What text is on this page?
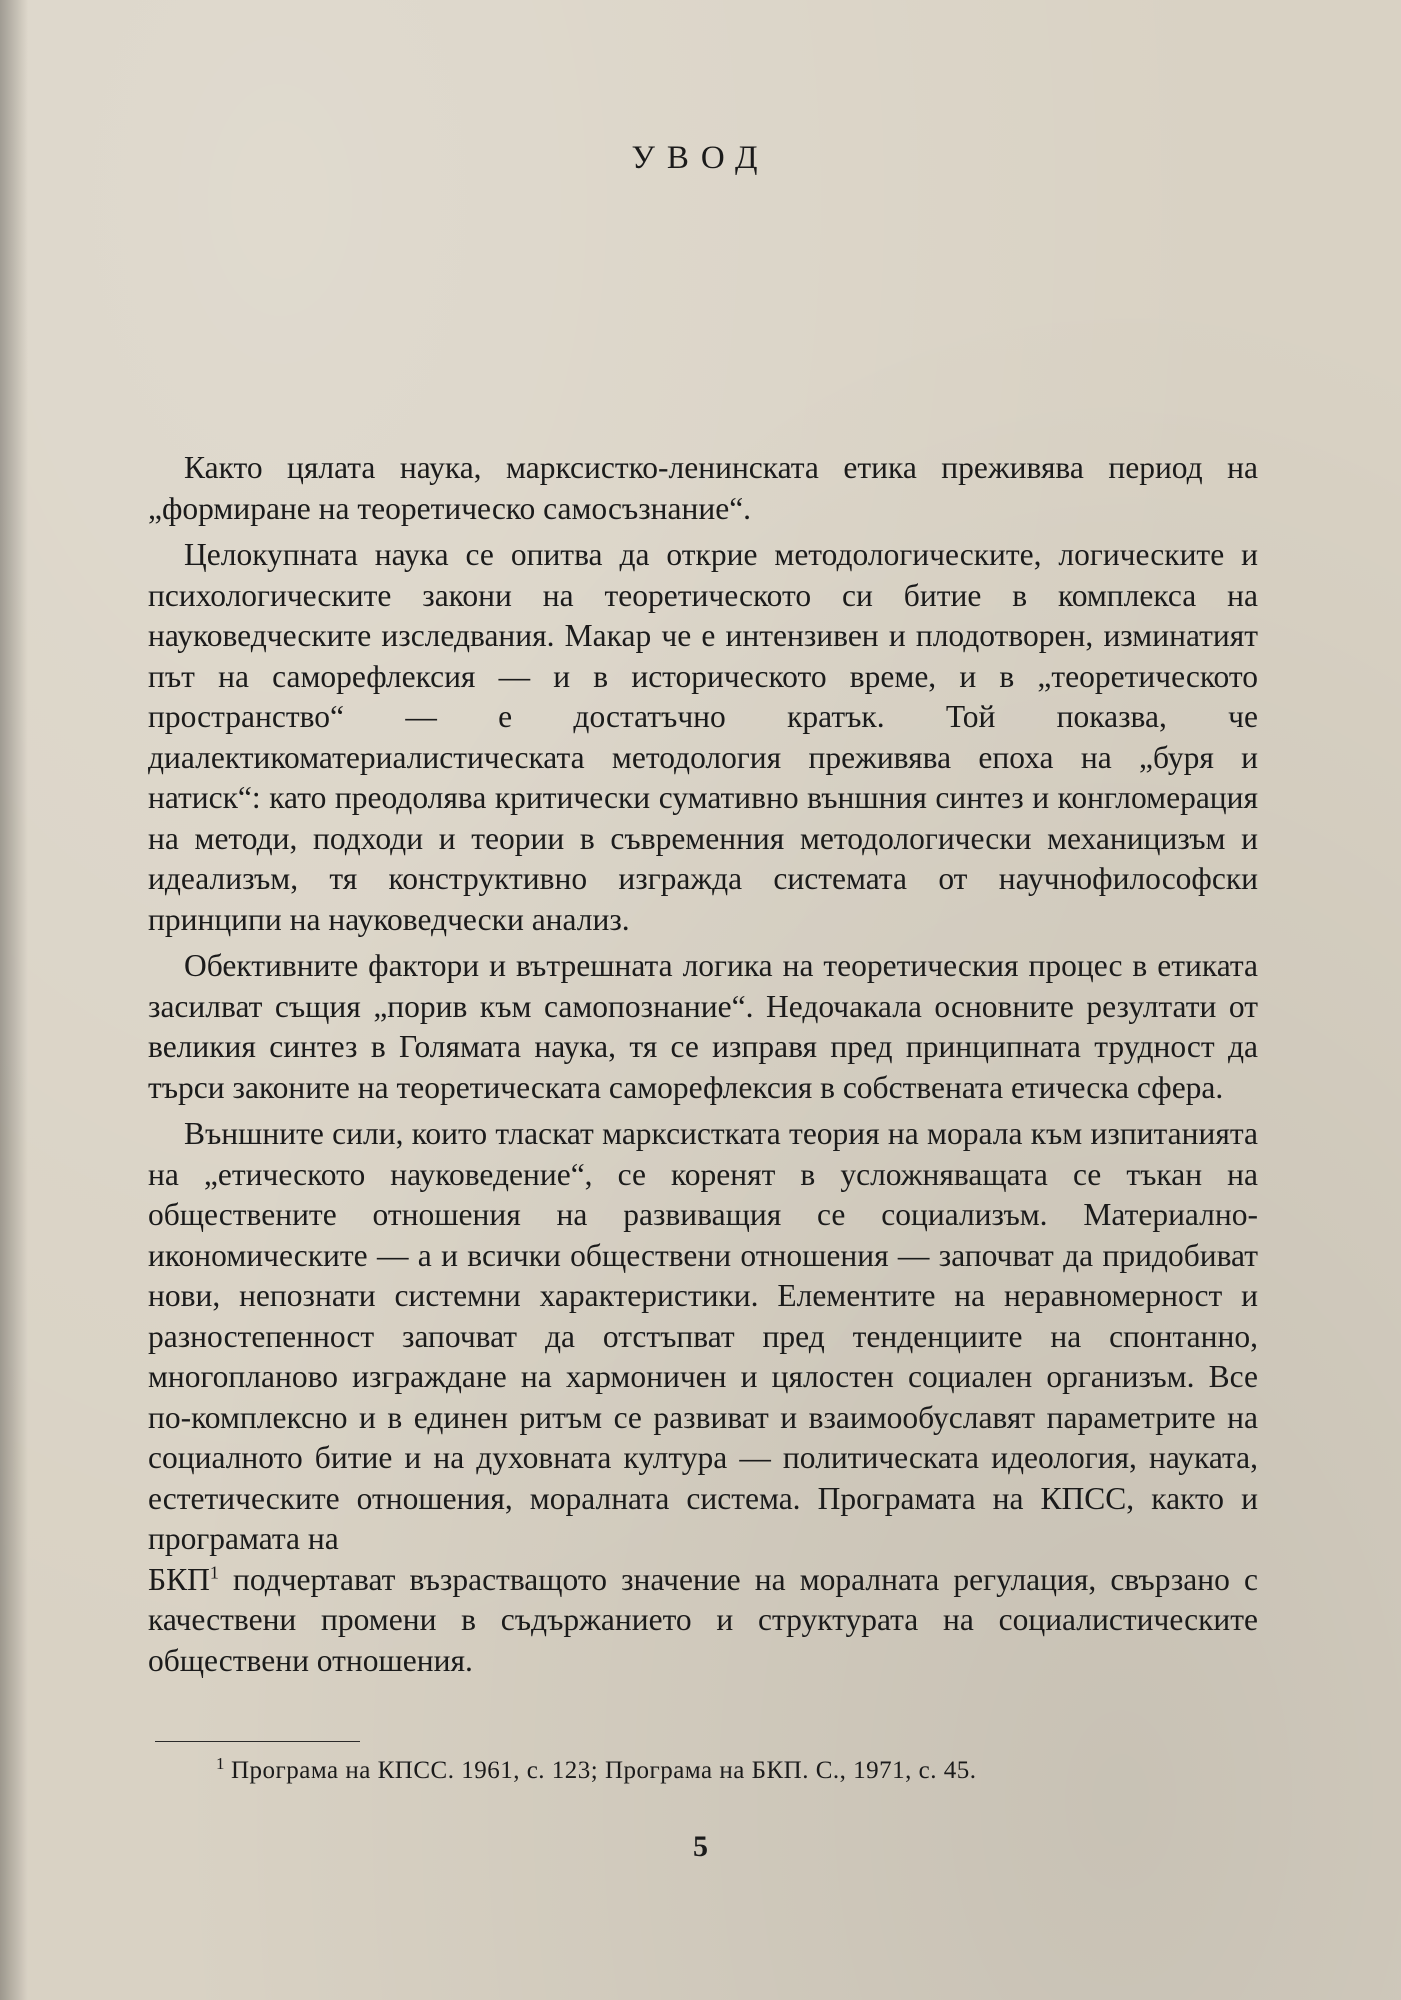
УВОД

Както цялата наука, марксистко-ленинската етика преживява период на „формиране на теоретическо самосъзнание“.

Целокупната наука се опитва да открие методологическите, логическите и психологическите закони на теоретическото си битие в комплекса на науковедческите изследвания. Макар че е интензивен и плодотворен, изминатият път на саморефлексия — и в историческото време, и в „теоретическото пространство“ — е достатъчно кратък. Той показва, че диалектикоматериалистическата методология преживява епоха на „буря и натиск“: като преодолява критически сумативно външния синтез и конгломерация на методи, подходи и теории в съвременния методологически механицизъм и идеализъм, тя конструктивно изгражда системата от научнофилософски принципи на науковедчески анализ.

Обективните фактори и вътрешната логика на теоретическия процес в етиката засилват същия „порив към самопознание“. Недочакала основните резултати от великия синтез в Голямата наука, тя се изправя пред принципната трудност да търси законите на теоретическата саморефлексия в собствената етическа сфера.

Външните сили, които тласкат марксистката теория на морала към изпитанията на „етическото науковедение“, се коренят в усложняващата се тъкан на обществените отношения на развиващия се социализъм. Материално-икономическите — а и всички обществени отношения — започват да придобиват нови, непознати системни характеристики. Елементите на неравномерност и разностепенност започват да отстъпват пред тенденциите на спонтанно, многопланово изграждане на хармоничен и цялостен социален организъм. Все по-комплексно и в единен ритъм се развиват и взаимообуславят параметрите на социалното битие и на духовната култура — политическата идеология, науката, естетическите отношения, моралната система. Програмата на КПСС, както и програмата на

БКП$^1$ подчертават възрастващото значение на моралната регулация, свързано с качествени промени в съдържанието и структурата на социалистическите обществени отношения.

$^1$ Програма на КПСС. 1961, с. 123; Програма на БКП. С., 1971, с. 45.
5
